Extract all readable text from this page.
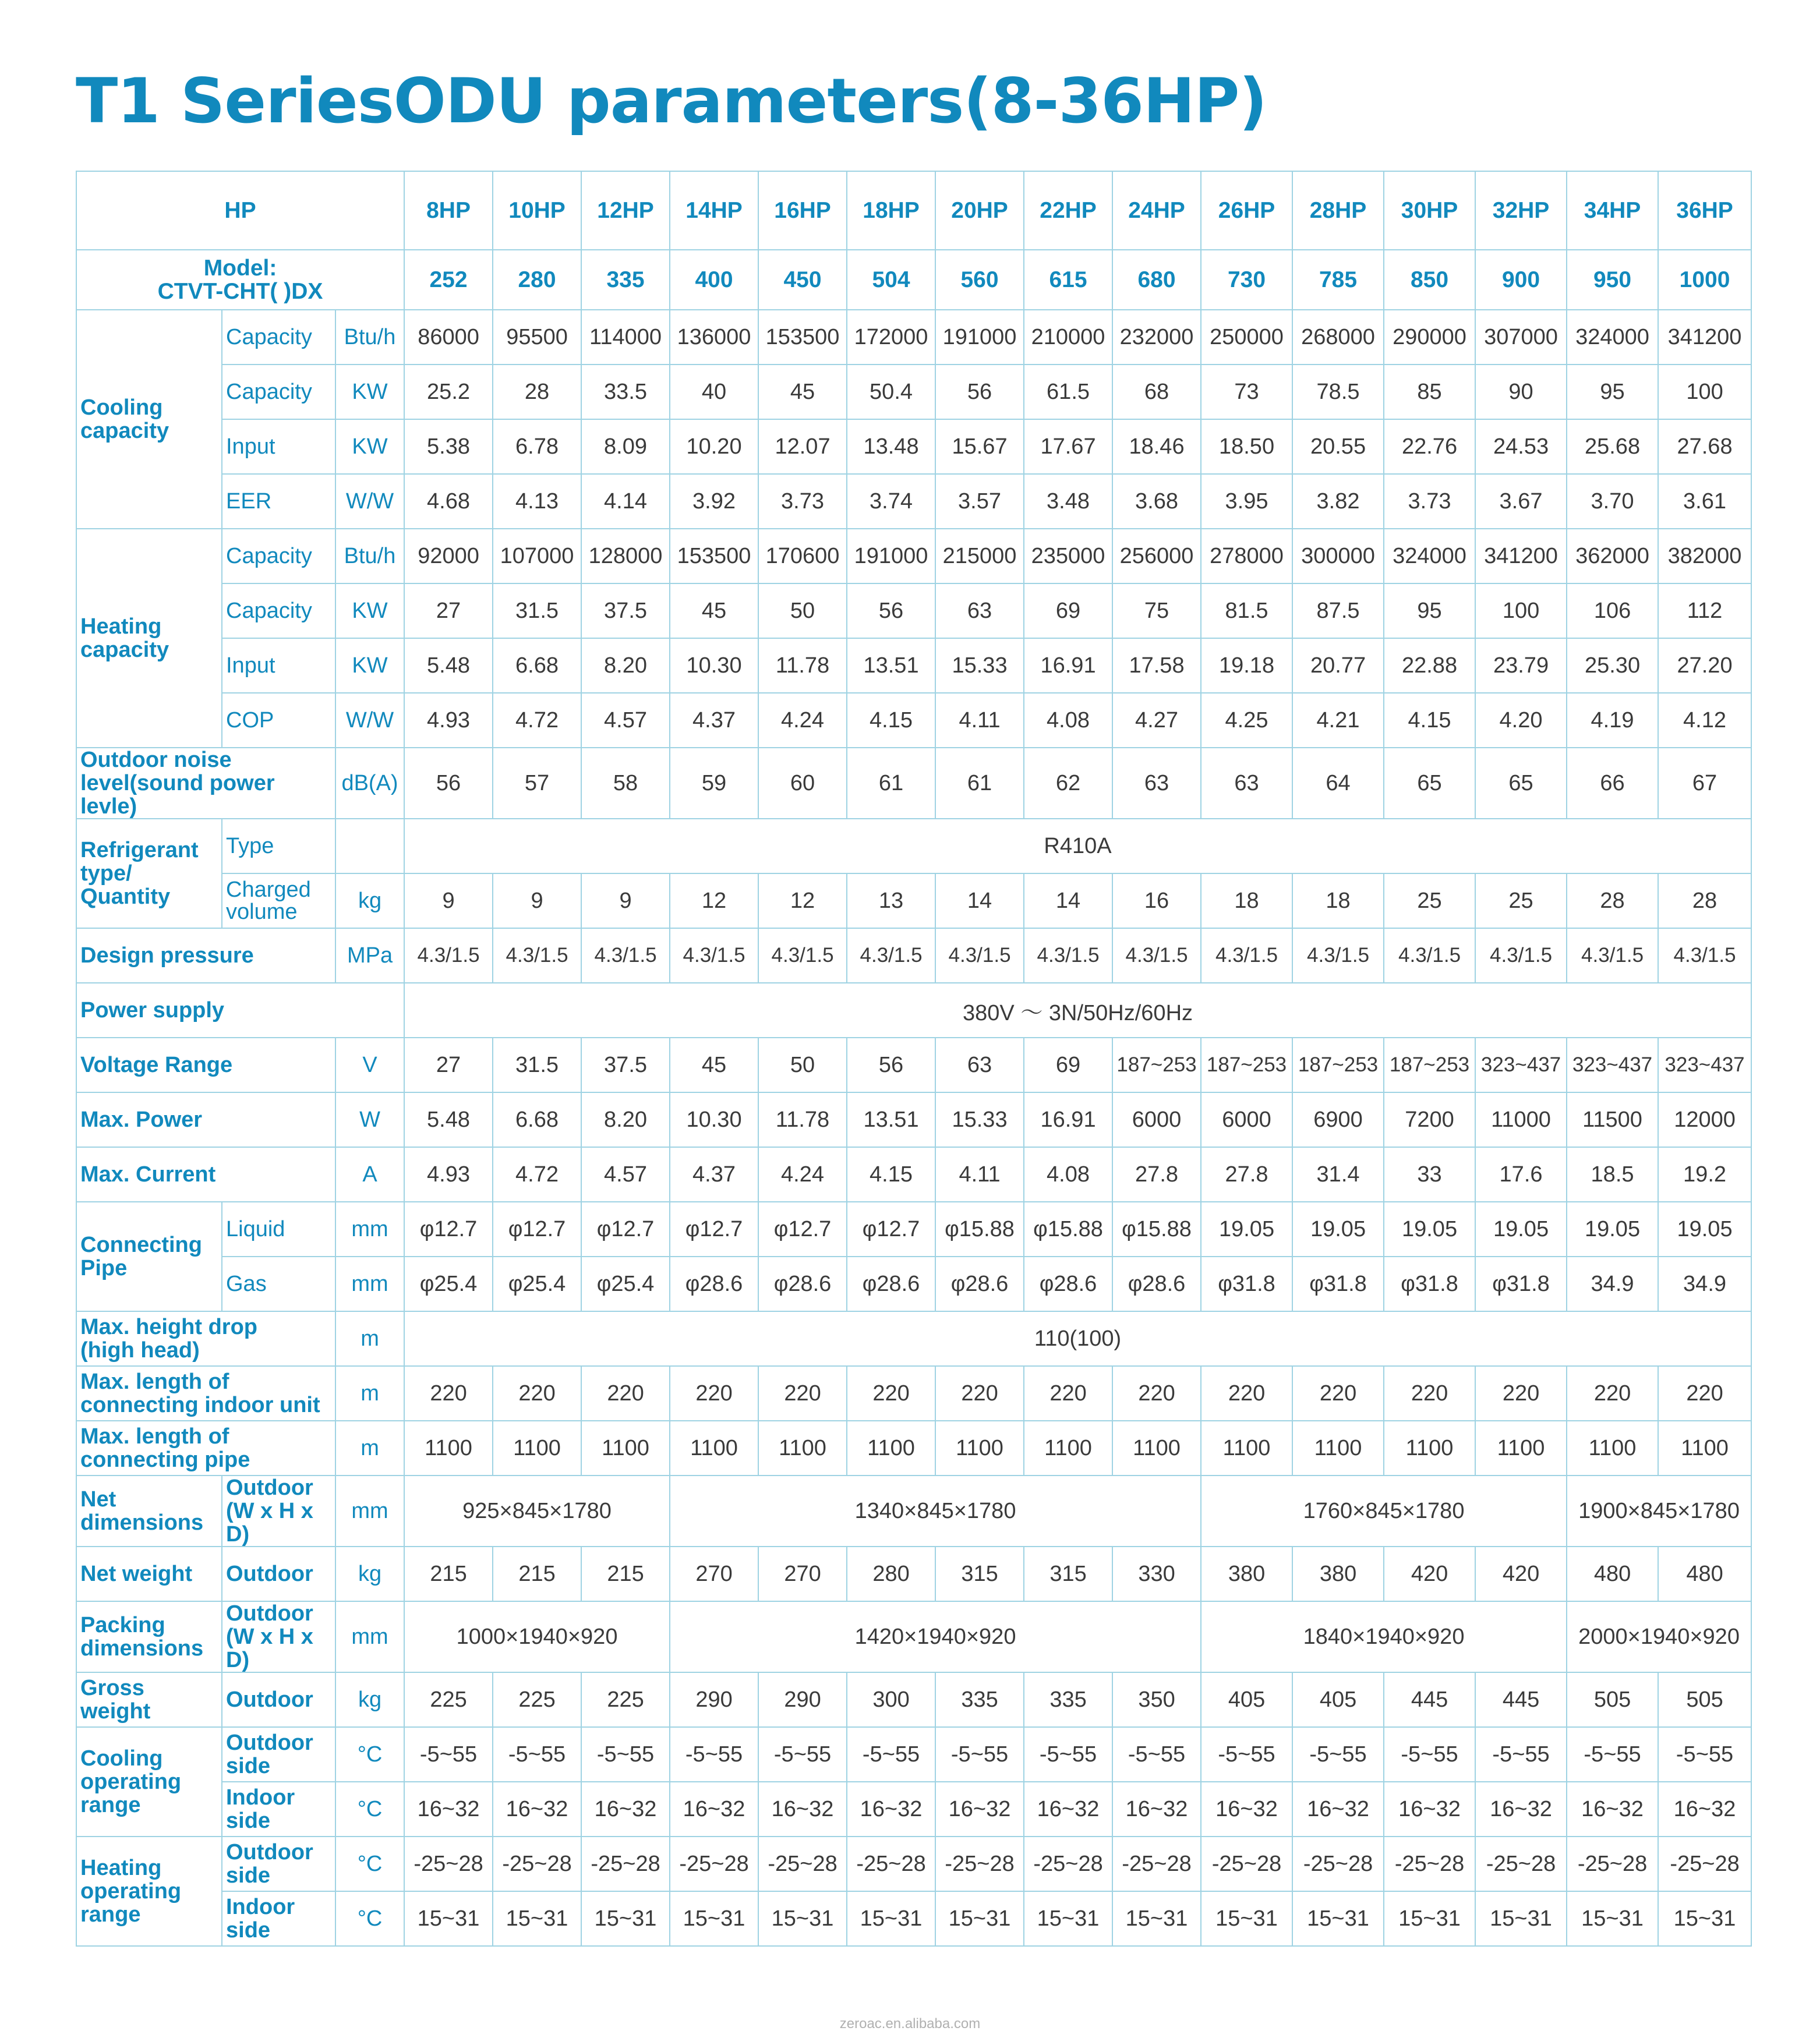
T1 SeriesODU parameters(8-36HP)
HP			8HP	10HP	12HP	14HP	16HP	18HP	20HP	22HP	24HP	26HP	28HP	30HP	32HP	34HP	36HP
Model:
CTVT-CHT( )DX			252	280	335	400	450	504	560	615	680	730	785	850	900	950	1000
Cooling capacity	Capacity	Btu/h	86000	95500	114000	136000	153500	172000	191000	210000	232000	250000	268000	290000	307000	324000	341200
	Capacity	KW	25.2	28	33.5	40	45	50.4	56	61.5	68	73	78.5	85	90	95	100
	Input	KW	5.38	6.78	8.09	10.20	12.07	13.48	15.67	17.67	18.46	18.50	20.55	22.76	24.53	25.68	27.68
	EER	W/W	4.68	4.13	4.14	3.92	3.73	3.74	3.57	3.48	3.68	3.95	3.82	3.73	3.67	3.70	3.61
Heating capacity	Capacity	Btu/h	92000	107000	128000	153500	170600	191000	215000	235000	256000	278000	300000	324000	341200	362000	382000
	Capacity	KW	27	31.5	37.5	45	50	56	63	69	75	81.5	87.5	95	100	106	112
	Input	KW	5.48	6.68	8.20	10.30	11.78	13.51	15.33	16.91	17.58	19.18	20.77	22.88	23.79	25.30	27.20
	COP	W/W	4.93	4.72	4.57	4.37	4.24	4.15	4.11	4.08	4.27	4.25	4.21	4.15	4.20	4.19	4.12
Outdoor noise level(sound power levle)		dB(A)	56	57	58	59	60	61	61	62	63	63	64	65	65	66	67
Refrigerant type/ Quantity	Type		R410A														
	Charged volume	kg	9	9	9	12	12	13	14	14	16	18	18	25	25	28	28
Design pressure		MPa	4.3/1.5	4.3/1.5	4.3/1.5	4.3/1.5	4.3/1.5	4.3/1.5	4.3/1.5	4.3/1.5	4.3/1.5	4.3/1.5	4.3/1.5	4.3/1.5	4.3/1.5	4.3/1.5	4.3/1.5
Power supply			380V ～ 3N/50Hz/60Hz														
Voltage Range		V	27	31.5	37.5	45	50	56	63	69	187~253	187~253	187~253	187~253	323~437	323~437	323~437
Max. Power		W	5.48	6.68	8.20	10.30	11.78	13.51	15.33	16.91	6000	6000	6900	7200	11000	11500	12000
Max. Current		A	4.93	4.72	4.57	4.37	4.24	4.15	4.11	4.08	27.8	27.8	31.4	33	17.6	18.5	19.2
Connecting Pipe	Liquid	mm	φ12.7	φ12.7	φ12.7	φ12.7	φ12.7	φ12.7	φ15.88	φ15.88	φ15.88	19.05	19.05	19.05	19.05	19.05	19.05
	Gas	mm	φ25.4	φ25.4	φ25.4	φ28.6	φ28.6	φ28.6	φ28.6	φ28.6	φ28.6	φ31.8	φ31.8	φ31.8	φ31.8	34.9	34.9
Max. height drop
(high head)		m	110(100)														
Max. length of connecting indoor unit		m	220	220	220	220	220	220	220	220	220	220	220	220	220	220	220
Max. length of connecting pipe		m	1100	1100	1100	1100	1100	1100	1100	1100	1100	1100	1100	1100	1100	1100	1100
Net dimensions	Outdoor (W x H x D)	mm	925×845×1780			1340×845×1780						1760×845×1780				1900×845×1780	
Net weight	Outdoor	kg	215	215	215	270	270	280	315	315	330	380	380	420	420	480	480
Packing dimensions	Outdoor (W x H x D)	mm	1000×1940×920			1420×1940×920						1840×1940×920				2000×1940×920	
Gross weight	Outdoor	kg	225	225	225	290	290	300	335	335	350	405	405	445	445	505	505
Cooling operating range	Outdoor side	°C	-5~55	-5~55	-5~55	-5~55	-5~55	-5~55	-5~55	-5~55	-5~55	-5~55	-5~55	-5~55	-5~55	-5~55	-5~55
	Indoor side	°C	16~32	16~32	16~32	16~32	16~32	16~32	16~32	16~32	16~32	16~32	16~32	16~32	16~32	16~32	16~32
Heating operating range	Outdoor side	°C	-25~28	-25~28	-25~28	-25~28	-25~28	-25~28	-25~28	-25~28	-25~28	-25~28	-25~28	-25~28	-25~28	-25~28	-25~28
	Indoor side	°C	15~31	15~31	15~31	15~31	15~31	15~31	15~31	15~31	15~31	15~31	15~31	15~31	15~31	15~31	15~31
zeroac.en.alibaba.com
